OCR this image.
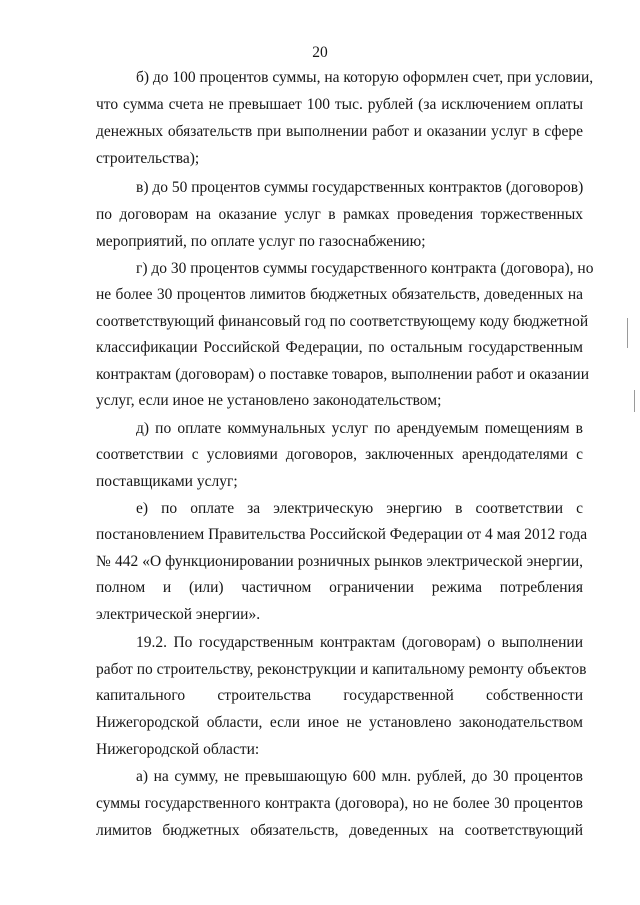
20
б) до 100 процентов суммы, на которую оформлен счет, при условии,
что сумма счета не превышает 100 тыс. рублей (за исключением оплаты
денежных обязательств при выполнении работ и оказании услуг в сфере
строительства);
в) до 50 процентов суммы государственных контрактов (договоров)
по договорам на оказание услуг в рамках проведения торжественных
мероприятий, по оплате услуг по газоснабжению;
г) до 30 процентов суммы государственного контракта (договора), но
не более 30 процентов лимитов бюджетных обязательств, доведенных на
соответствующий финансовый год по соответствующему коду бюджетной
классификации Российской Федерации, по остальным государственным
контрактам (договорам) о поставке товаров, выполнении работ и оказании
услуг, если иное не установлено законодательством;
д) по оплате коммунальных услуг по арендуемым помещениям в
соответствии с условиями договоров, заключенных арендодателями с
поставщиками услуг;
е) по оплате за электрическую энергию в соответствии с
постановлением Правительства Российской Федерации от 4 мая 2012 года
№ 442 «О функционировании розничных рынков электрической энергии,
полном и (или) частичном ограничении режима потребления
электрической энергии».
19.2. По государственным контрактам (договорам) о выполнении
работ по строительству, реконструкции и капитальному ремонту объектов
капитального строительства государственной собственности
Нижегородской области, если иное не установлено законодательством
Нижегородской области:
а) на сумму, не превышающую 600 млн. рублей, до 30 процентов
суммы государственного контракта (договора), но не более 30 процентов
лимитов бюджетных обязательств, доведенных на соответствующий
